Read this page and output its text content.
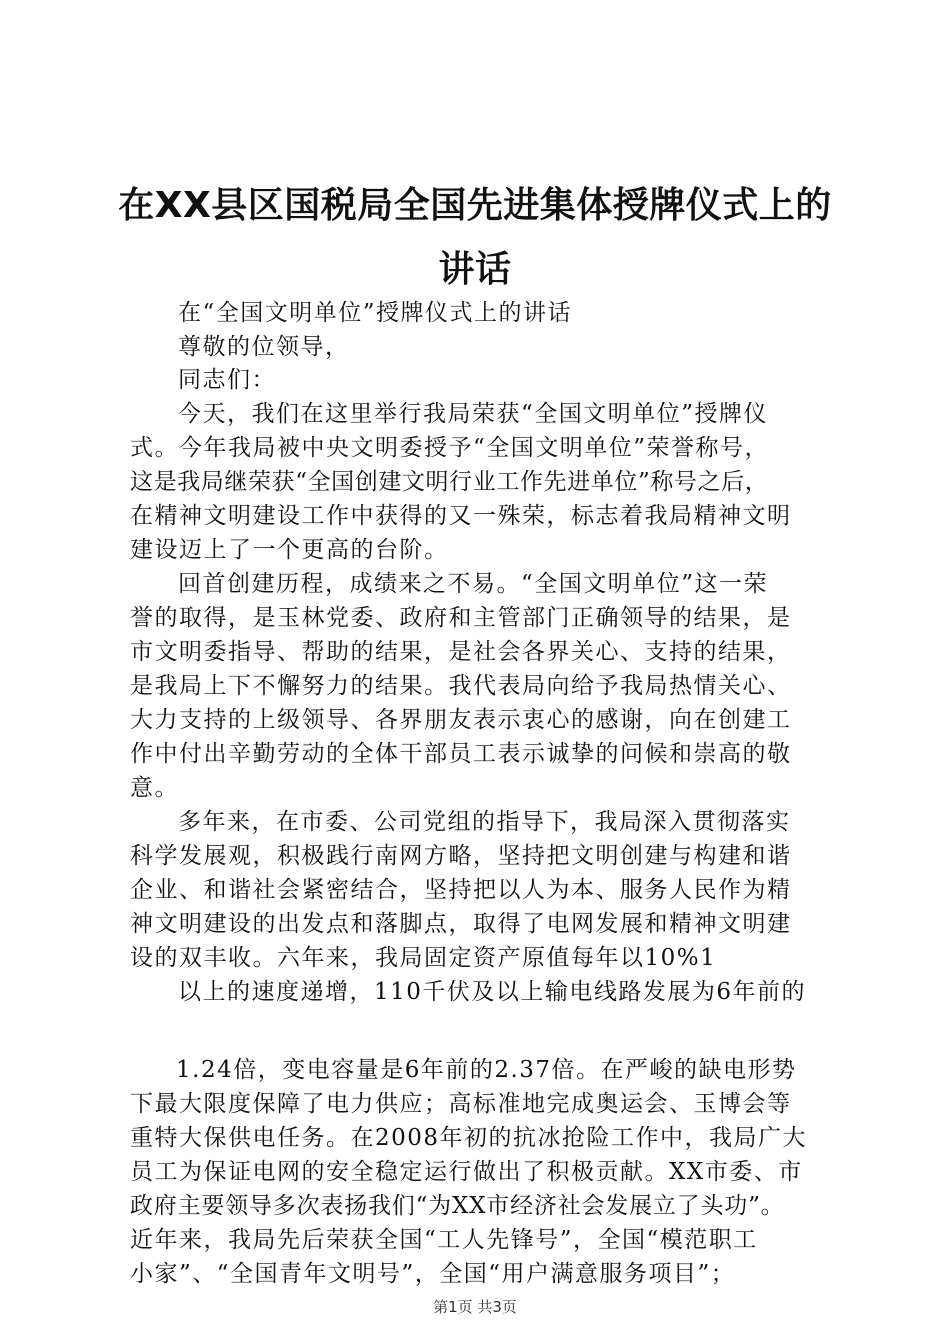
在XX县区国税局全国先进集体授牌仪式上的
讲话
在“全国文明单位”授牌仪式上的讲话
尊敬的位领导，
同志们：
今天，我们在这里举行我局荣获“全国文明单位”授牌仪
式。今年我局被中央文明委授予“全国文明单位”荣誉称号，
这是我局继荣获“全国创建文明行业工作先进单位”称号之后，
在精神文明建设工作中获得的又一殊荣，标志着我局精神文明
建设迈上了一个更高的台阶。
回首创建历程，成绩来之不易。“全国文明单位”这一荣
誉的取得，是玉林党委、政府和主管部门正确领导的结果，是
市文明委指导、帮助的结果，是社会各界关心、支持的结果，
是我局上下不懈努力的结果。我代表局向给予我局热情关心、
大力支持的上级领导、各界朋友表示衷心的感谢，向在创建工
作中付出辛勤劳动的全体干部员工表示诚挚的问候和崇高的敬
意。
多年来，在市委、公司党组的指导下，我局深入贯彻落实
科学发展观，积极践行南网方略，坚持把文明创建与构建和谐
企业、和谐社会紧密结合，坚持把以人为本、服务人民作为精
神文明建设的出发点和落脚点，取得了电网发展和精神文明建
设的双丰收。六年来，我局固定资产原值每年以10%1
以上的速度递增，110千伏及以上输电线路发展为6年前的
1.24倍，变电容量是6年前的2.37倍。在严峻的缺电形势
下最大限度保障了电力供应；高标准地完成奥运会、玉博会等
重特大保供电任务。在2008年初的抗冰抢险工作中，我局广大
员工为保证电网的安全稳定运行做出了积极贡献。XX市委、市
政府主要领导多次表扬我们“为XX市经济社会发展立了头功”。
近年来，我局先后荣获全国“工人先锋号”，全国“模范职工
小家”、“全国青年文明号”，全国“用户满意服务项目”；
第1页 共3页
